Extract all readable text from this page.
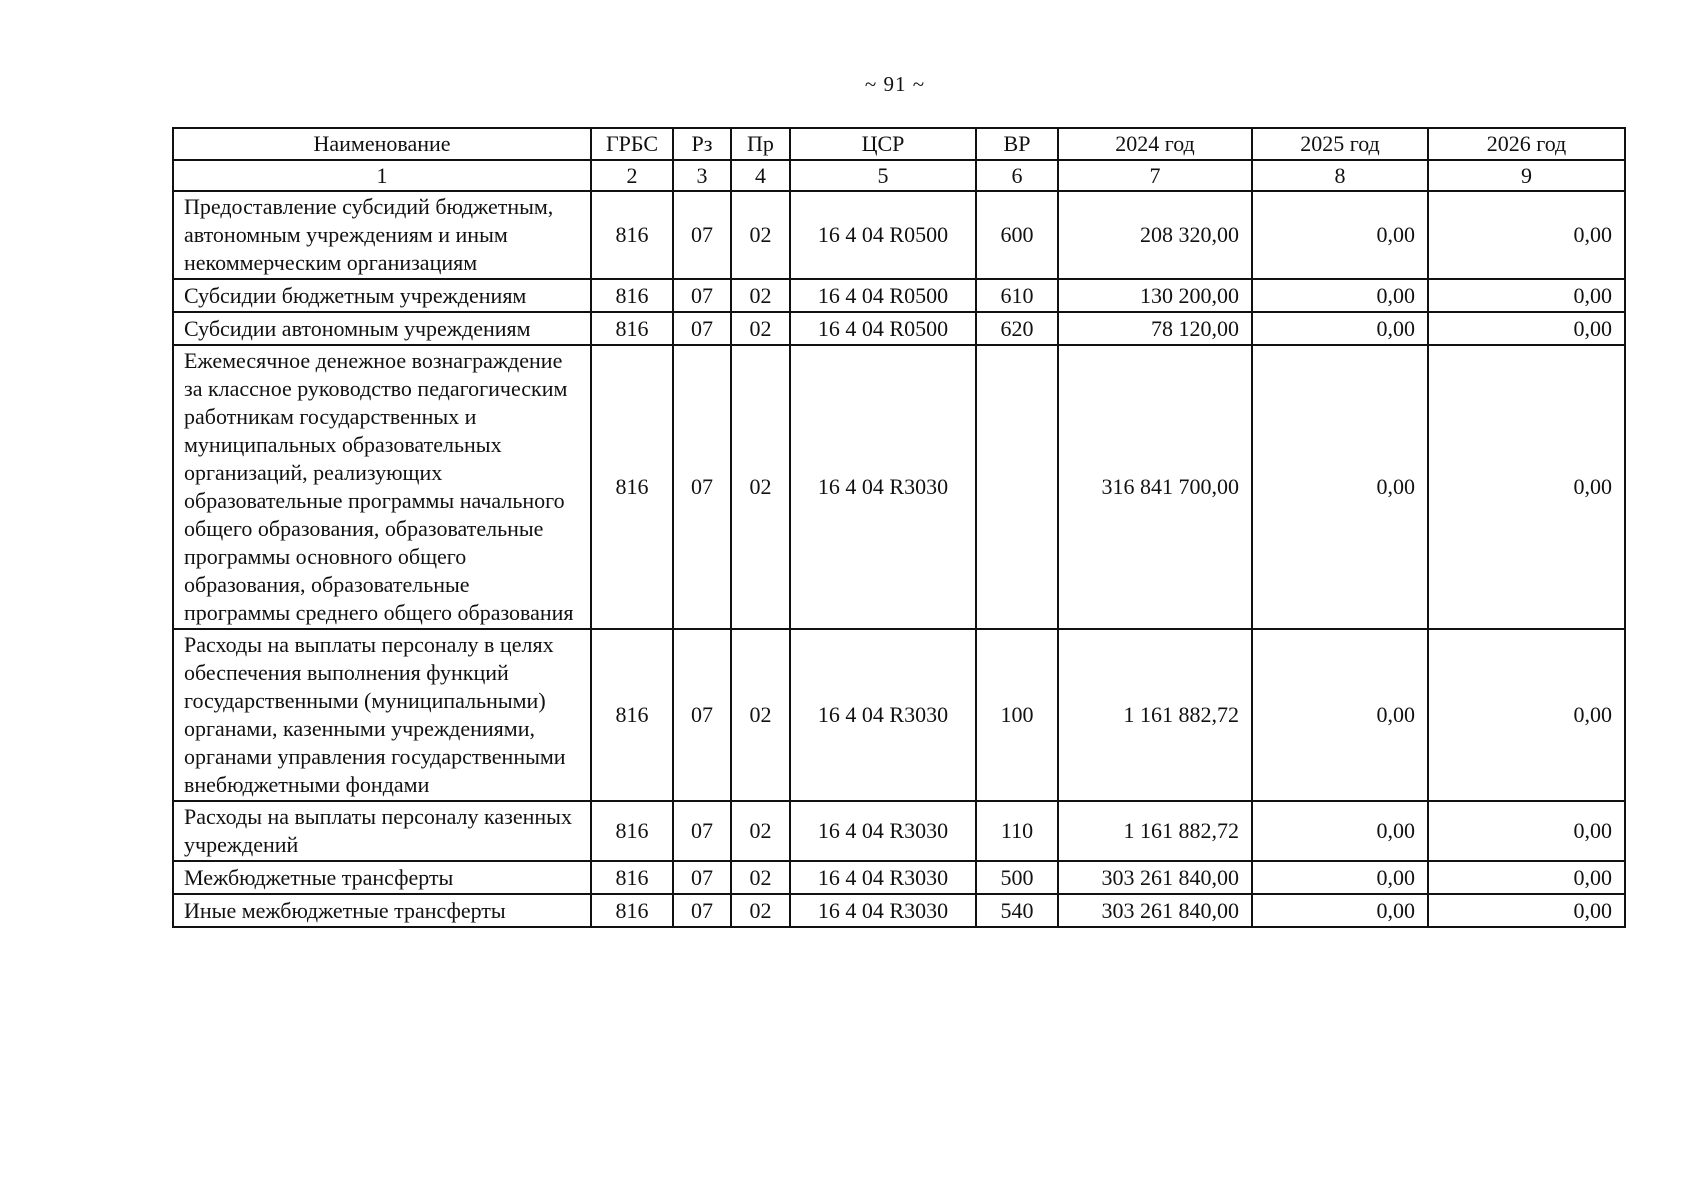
~ 91 ~
Наименование	ГРБС	Рз	Пр	ЦСР	ВР	2024 год	2025 год	2026 год
1	2	3	4	5	6	7	8	9
Предоставление субсидий бюджетным, автономным учреждениям и иным некоммерческим организациям	816	07	02	16 4 04 R0500	600	208 320,00	0,00	0,00
Субсидии бюджетным учреждениям	816	07	02	16 4 04 R0500	610	130 200,00	0,00	0,00
Субсидии автономным учреждениям	816	07	02	16 4 04 R0500	620	78 120,00	0,00	0,00
Ежемесячное денежное вознаграждение за классное руководство педагогическим работникам государственных и муниципальных образовательных организаций, реализующих образовательные программы начального общего образования, образовательные программы основного общего образования, образовательные программы среднего общего образования	816	07	02	16 4 04 R3030		316 841 700,00	0,00	0,00
Расходы на выплаты персоналу в целях обеспечения выполнения функций государственными (муниципальными) органами, казенными учреждениями, органами управления государственными внебюджетными фондами	816	07	02	16 4 04 R3030	100	1 161 882,72	0,00	0,00
Расходы на выплаты персоналу казенных учреждений	816	07	02	16 4 04 R3030	110	1 161 882,72	0,00	0,00
Межбюджетные трансферты	816	07	02	16 4 04 R3030	500	303 261 840,00	0,00	0,00
Иные межбюджетные трансферты	816	07	02	16 4 04 R3030	540	303 261 840,00	0,00	0,00
